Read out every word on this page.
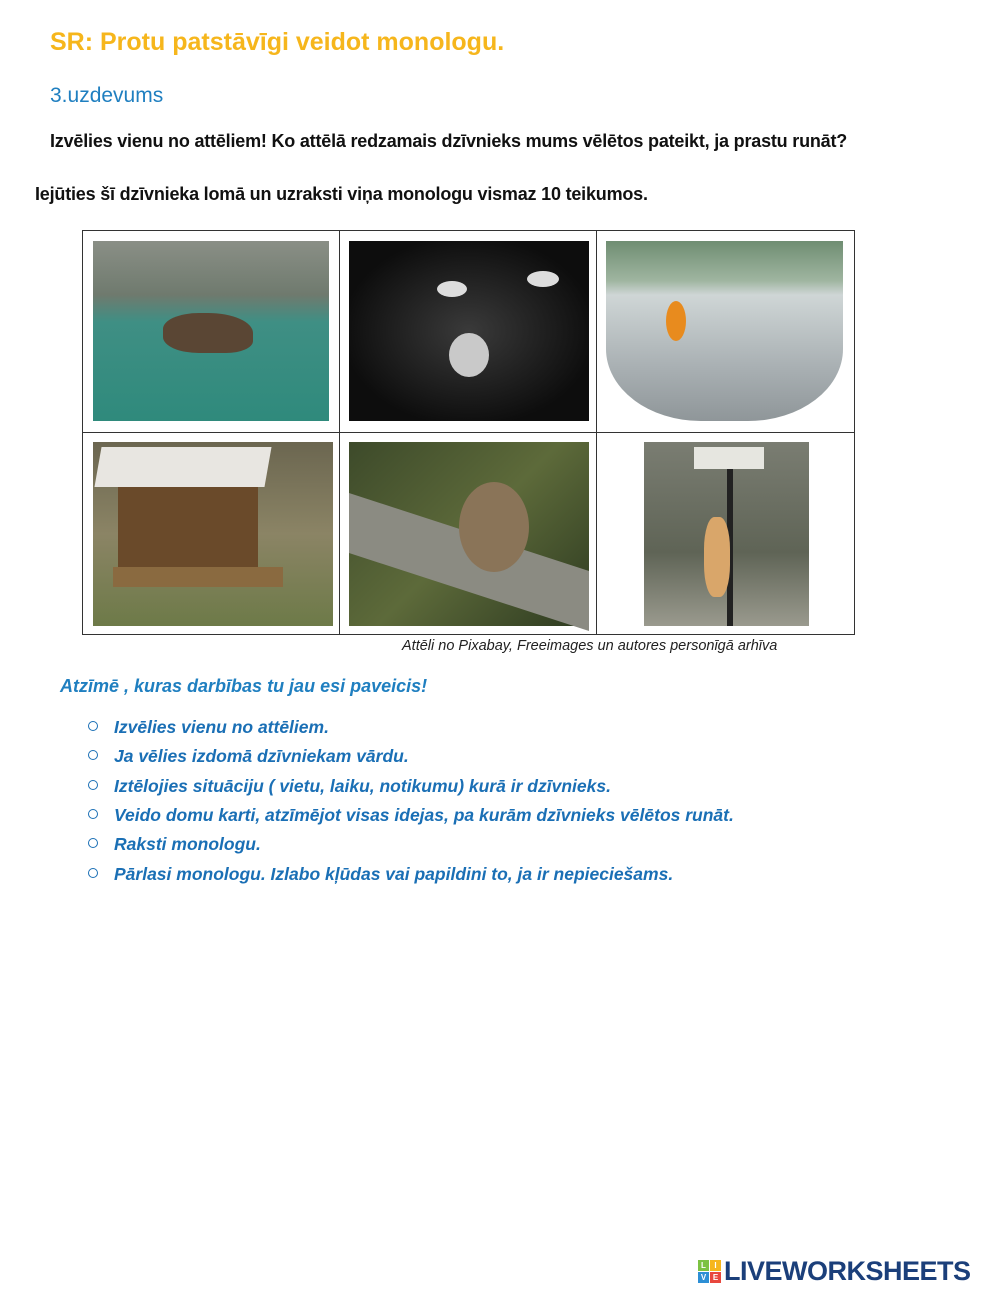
SR: Protu patstāvīgi veidot monologu.
3.uzdevums
Izvēlies vienu no attēliem! Ko attēlā redzamais dzīvnieks mums vēlētos pateikt, ja prastu runāt?
Iejūties šī dzīvnieka lomā un uzraksti viņa monologu vismaz 10 teikumos.
Attēli no Pixabay, Freeimages un autores personīgā arhīva
Atzīmē , kuras darbības tu jau esi paveicis!
Izvēlies vienu no attēliem.
Ja vēlies izdomā dzīvniekam vārdu.
Iztēlojies situāciju ( vietu, laiku, notikumu) kurā ir dzīvnieks.
Veido domu karti, atzīmējot visas idejas, pa kurām dzīvnieks vēlētos runāt.
Raksti monologu.
Pārlasi monologu. Izlabo kļūdas vai papildini to, ja ir nepieciešams.
L	I
V E LIVEWORKSHEETS
